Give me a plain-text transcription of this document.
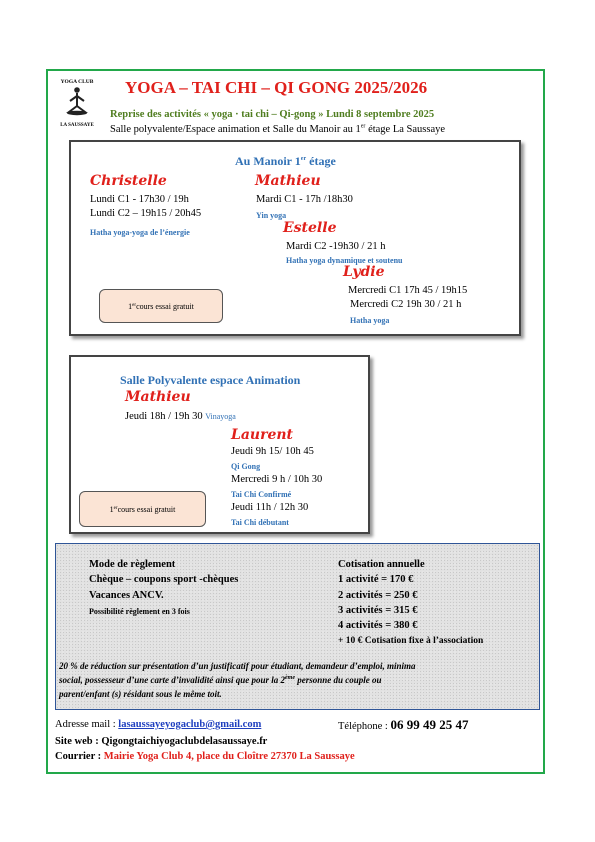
YOGA CLUB
LA SAUSSAYE
YOGA – TAI CHI – QI GONG 2025/2026
Reprise des activités « yoga · tai chi – Qi-gong » Lundi 8 septembre 2025
Salle polyvalente/Espace animation et Salle du Manoir au 1er étage La Saussaye
Au Manoir 1er étage
Christelle
Lundi C1 - 17h30 / 19h
Lundi C2 – 19h15 / 20h45
Hatha yoga-yoga de l’énergie
Mathieu
Mardi C1 - 17h /18h30
Yin yoga
Estelle
Mardi C2 -19h30 / 21 h
Hatha yoga dynamique et soutenu
Lydie
Mercredi C1 17h 45 / 19h15
Mercredi C2 19h 30 / 21 h
Hatha yoga
1 er cours essai gratuit
Salle Polyvalente espace Animation
Mathieu
Jeudi 18h / 19h 30 Vinayoga
Laurent
Jeudi 9h 15/ 10h 45
Qi Gong
Mercredi 9 h / 10h 30
Tai Chi Confirmé
Jeudi 11h / 12h 30
Tai Chi débutant
1 er cours essai gratuit
Mode de règlement
Chèque – coupons sport -chèques
Vacances ANCV.
Possibilité règlement en 3 fois
Cotisation annuelle
1 activité = 170 €
2 activités = 250 €
3 activités = 315 €
4 activités = 380 €
+ 10 € Cotisation fixe à l’association
20 % de réduction sur présentation d’un justificatif pour étudiant, demandeur d’emploi, minima
social, possesseur d’une carte d’invalidité ainsi que pour la 2ème personne du couple ou
parent/enfant (s) résidant sous le même toit.
Adresse mail : lasaussayeyogaclub@gmail.com	Téléphone : 06 99 49 25 47
Site web : Qigongtaichiyogaclubdelasaussaye.fr
Courrier : Mairie Yoga Club 4, place du Cloître 27370 La Saussaye
